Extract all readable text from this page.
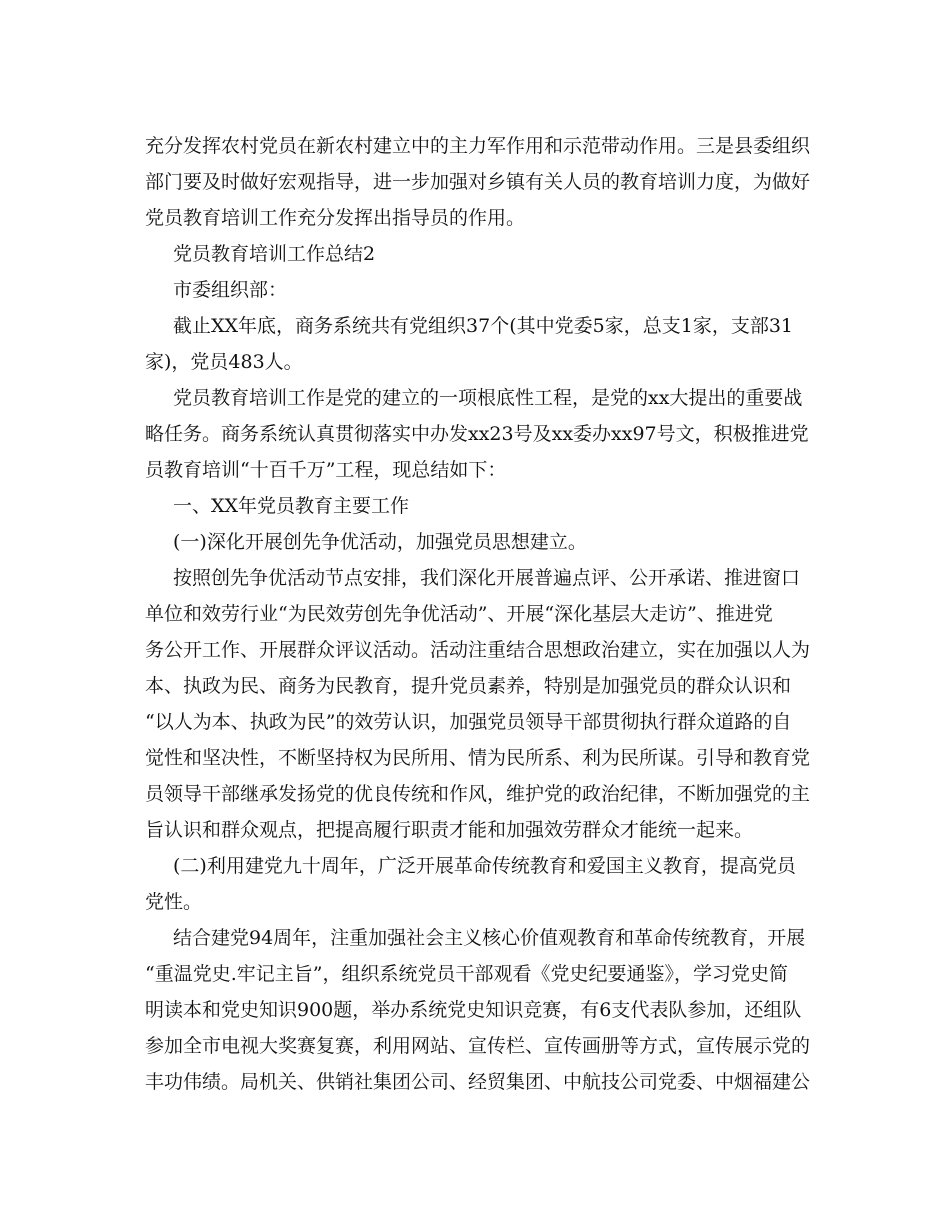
充分发挥农村党员在新农村建立中的主力军作用和示范带动作用。三是县委组织
部门要及时做好宏观指导，进一步加强对乡镇有关人员的教育培训力度，为做好
党员教育培训工作充分发挥出指导员的作用。
党员教育培训工作总结2
市委组织部：
截止XX年底，商务系统共有党组织37个(其中党委5家，总支1家，支部31
家)，党员483人。
党员教育培训工作是党的建立的一项根底性工程，是党的xx大提出的重要战
略任务。商务系统认真贯彻落实中办发xx23号及xx委办xx97号文，积极推进党
员教育培训“十百千万”工程，现总结如下：
一、XX年党员教育主要工作
(一)深化开展创先争优活动，加强党员思想建立。
按照创先争优活动节点安排，我们深化开展普遍点评、公开承诺、推进窗口
单位和效劳行业“为民效劳创先争优活动”、开展“深化基层大走访”、推进党
务公开工作、开展群众评议活动。活动注重结合思想政治建立，实在加强以人为
本、执政为民、商务为民教育，提升党员素养，特别是加强党员的群众认识和
“以人为本、执政为民”的效劳认识，加强党员领导干部贯彻执行群众道路的自
觉性和坚决性，不断坚持权为民所用、情为民所系、利为民所谋。引导和教育党
员领导干部继承发扬党的优良传统和作风，维护党的政治纪律，不断加强党的主
旨认识和群众观点，把提高履行职责才能和加强效劳群众才能统一起来。
(二)利用建党九十周年，广泛开展革命传统教育和爱国主义教育，提高党员
党性。
结合建党94周年，注重加强社会主义核心价值观教育和革命传统教育，开展
“重温党史.牢记主旨”，组织系统党员干部观看《党史纪要通鉴》，学习党史简
明读本和党史知识900题，举办系统党史知识竞赛，有6支代表队参加，还组队
参加全市电视大奖赛复赛，利用网站、宣传栏、宣传画册等方式，宣传展示党的
丰功伟绩。局机关、供销社集团公司、经贸集团、中航技公司党委、中烟福建公
